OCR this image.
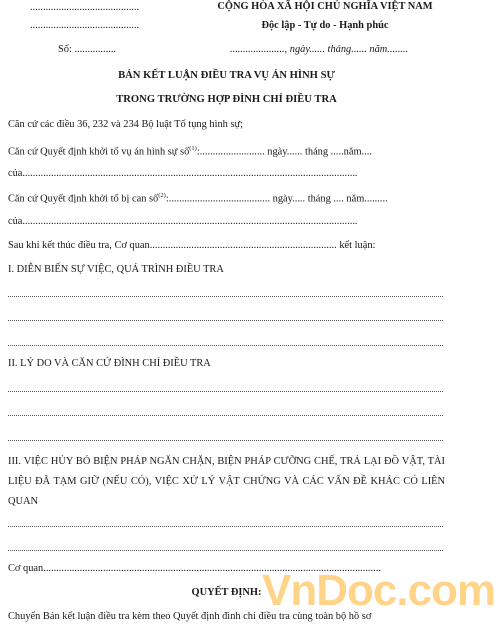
..........................................
..........................................
CỘNG HÒA XÃ HỘI CHỦ NGHĨA VIỆT NAM
Độc lập - Tự do - Hạnh phúc
Số: ................	....................., ngày...... tháng...... năm........
BẢN KẾT LUẬN ĐIỀU TRA VỤ ÁN HÌNH SỰ
TRONG TRƯỜNG HỢP ĐÌNH CHỈ ĐIỀU TRA
Căn cứ các điều 36, 232 và 234 Bộ luật Tố tụng hình sự;
Căn cứ Quyết định khởi tố vụ án hình sự số$^{(1)}$:......................... ngày...... tháng .....năm....
của.................................................................................................................................
Căn cứ Quyết định khởi tố bị can số$^{(2)}$:....................................... ngày..... tháng .... năm.........
của.................................................................................................................................
Sau khi kết thúc điều tra, Cơ quan........................................................................ kết luận:
I. DIỄN BIẾN SỰ VIỆC, QUÁ TRÌNH ĐIỀU TRA
II. LÝ DO VÀ CĂN CỨ ĐÌNH CHỈ ĐIỀU TRA
III. VIỆC HỦY BỎ BIỆN PHÁP NGĂN CHẶN, BIỆN PHÁP CƯỠNG CHẾ, TRẢ LẠI ĐỒ VẬT, TÀI LIỆU ĐÃ TẠM GIỮ (NẾU CÓ), VIỆC XỬ LÝ VẬT CHỨNG VÀ CÁC VẤN ĐỀ KHÁC CÓ LIÊN QUAN
Cơ quan..................................................................................................................................
QUYẾT ĐỊNH:
Chuyển Bản kết luận điều tra kèm theo Quyết định đình chỉ điều tra cùng toàn bộ hồ sơ
VnDoc.com
